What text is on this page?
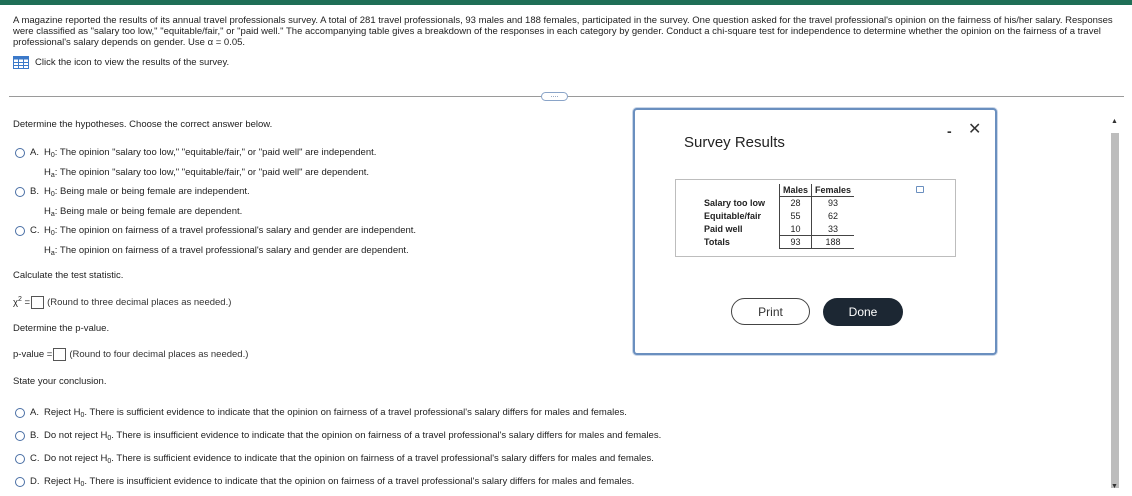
A magazine reported the results of its annual travel professionals survey. A total of 281 travel professionals, 93 males and 188 females, participated in the survey. One question asked for the travel professional's opinion on the fairness of his/her salary. Responses were classified as "salary too low," "equitable/fair," or "paid well." The accompanying table gives a breakdown of the responses in each category by gender. Conduct a chi-square test for independence to determine whether the opinion on the fairness of a travel professional's salary depends on gender. Use α = 0.05.
Click the icon to view the results of the survey.
....
Determine the hypotheses. Choose the correct answer below.
A. $H_0$: The opinion "salary too low," "equitable/fair," or "paid well" are independent.
$H_a$: The opinion "salary too low," "equitable/fair," or "paid well" are dependent.
B. $H_0$: Being male or being female are independent.
$H_a$: Being male or being female are dependent.
C. $H_0$: The opinion on fairness of a travel professional's salary and gender are independent.
$H_a$: The opinion on fairness of a travel professional's salary and gender are dependent.
Calculate the test statistic.
$\chi^2$ = (Round to three decimal places as needed.)
Determine the p-value.
p-value = (Round to four decimal places as needed.)
State your conclusion.
A. Reject $H_0$. There is sufficient evidence to indicate that the opinion on fairness of a travel professional's salary differs for males and females.
B. Do not reject $H_0$. There is insufficient evidence to indicate that the opinion on fairness of a travel professional's salary differs for males and females.
C. Do not reject $H_0$. There is sufficient evidence to indicate that the opinion on fairness of a travel professional's salary differs for males and females.
D. Reject $H_0$. There is insufficient evidence to indicate that the opinion on fairness of a travel professional's salary differs for males and females.
Survey Results
- ✕
	Males	Females
Salary too low	28	93
Equitable/fair	55	62
Paid well	10	33
Totals	93	188
Print	Done
▲
▼
